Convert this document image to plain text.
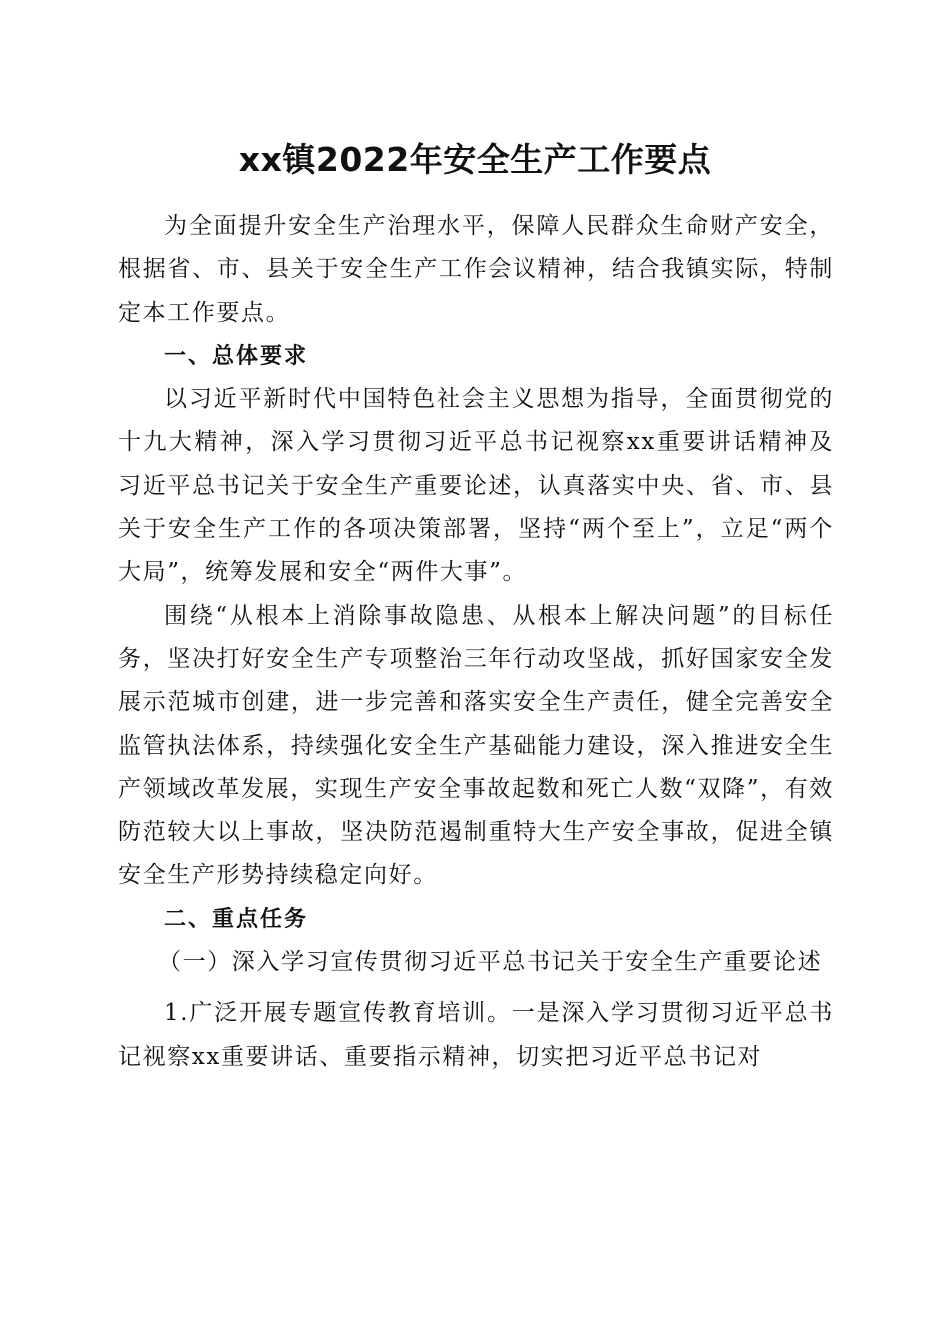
xx镇2022年安全生产工作要点

为全面提升安全生产治理水平，保障人民群众生命财产安全，根据省、市、县关于安全生产工作会议精神，结合我镇实际，特制定本工作要点。

一、总体要求

以习近平新时代中国特色社会主义思想为指导，全面贯彻党的十九大精神，深入学习贯彻习近平总书记视察xx重要讲话精神及习近平总书记关于安全生产重要论述，认真落实中央、省、市、县关于安全生产工作的各项决策部署，坚持“两个至上”，立足“两个大局”，统筹发展和安全“两件大事”。

围绕“从根本上消除事故隐患、从根本上解决问题”的目标任务，坚决打好安全生产专项整治三年行动攻坚战，抓好国家安全发展示范城市创建，进一步完善和落实安全生产责任，健全完善安全监管执法体系，持续强化安全生产基础能力建设，深入推进安全生产领域改革发展，实现生产安全事故起数和死亡人数“双降”，有效防范较大以上事故，坚决防范遏制重特大生产安全事故，促进全镇安全生产形势持续稳定向好。

二、重点任务

（一）深入学习宣传贯彻习近平总书记关于安全生产重要论述

1.广泛开展专题宣传教育培训。一是深入学习贯彻习近平总书记视察xx重要讲话、重要指示精神，切实把习近平总书记对
